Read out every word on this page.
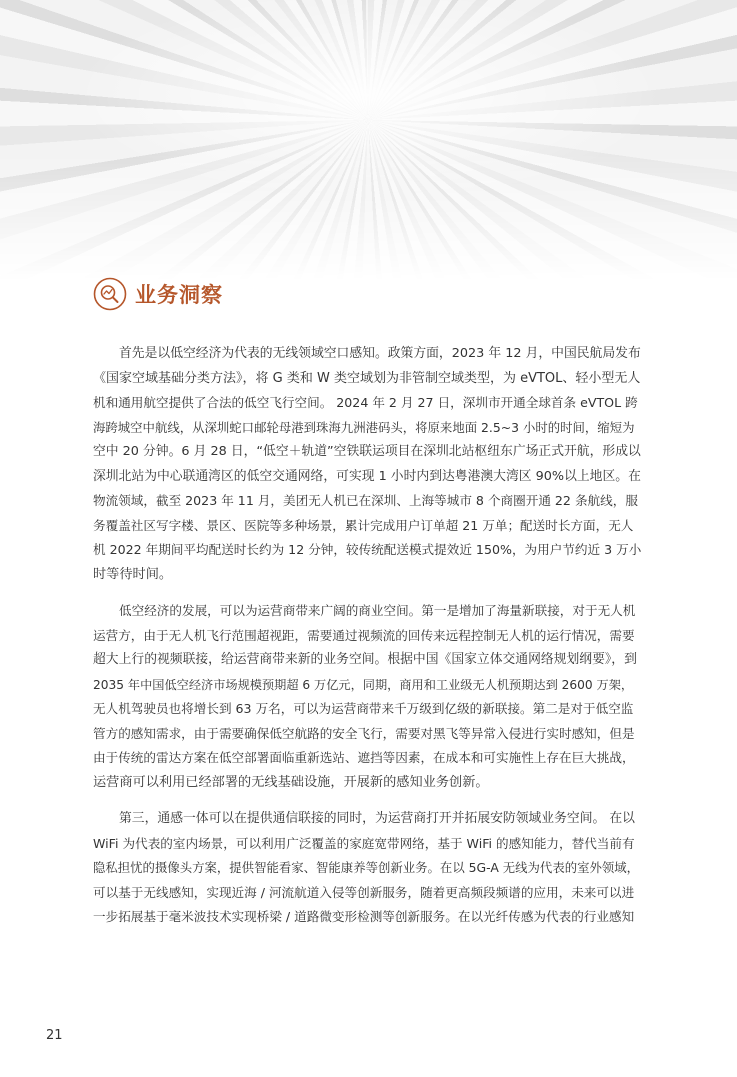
业务洞察

首先是以低空经济为代表的无线领域空口感知。政策方面，2023 年 12 月，中国民航局发布
《国家空域基础分类方法》，将 G 类和 W 类空域划为非管制空域类型，为 eVTOL、轻小型无人
机和通用航空提供了合法的低空飞行空间。 2024 年 2 月 27 日，深圳市开通全球首条 eVTOL 跨
海跨城空中航线，从深圳蛇口邮轮母港到珠海九洲港码头，将原来地面 2.5~3 小时的时间，缩短为
空中 20 分钟。6 月 28 日，“低空＋轨道”空铁联运项目在深圳北站枢纽东广场正式开航，形成以
深圳北站为中心联通湾区的低空交通网络，可实现 1 小时内到达粤港澳大湾区 90%以上地区。在
物流领域，截至 2023 年 11 月，美团无人机已在深圳、上海等城市 8 个商圈开通 22 条航线，服
务覆盖社区写字楼、景区、医院等多种场景，累计完成用户订单超 21 万单；配送时长方面，无人
机 2022 年期间平均配送时长约为 12 分钟，较传统配送模式提效近 150%，为用户节约近 3 万小
时等待时间。

低空经济的发展，可以为运营商带来广阔的商业空间。第一是增加了海量新联接，对于无人机
运营方，由于无人机飞行范围超视距，需要通过视频流的回传来远程控制无人机的运行情况，需要
超大上行的视频联接，给运营商带来新的业务空间。根据中国《国家立体交通网络规划纲要》，到
2035 年中国低空经济市场规模预期超 6 万亿元，同期，商用和工业级无人机预期达到 2600 万架，
无人机驾驶员也将增长到 63 万名，可以为运营商带来千万级到亿级的新联接。第二是对于低空监
管方的感知需求，由于需要确保低空航路的安全飞行，需要对黑飞等异常入侵进行实时感知，但是
由于传统的雷达方案在低空部署面临重新选站、遮挡等因素，在成本和可实施性上存在巨大挑战，
运营商可以利用已经部署的无线基础设施，开展新的感知业务创新。

第三，通感一体可以在提供通信联接的同时，为运营商打开并拓展安防领域业务空间。 在以
WiFi 为代表的室内场景，可以利用广泛覆盖的家庭宽带网络，基于 WiFi 的感知能力，替代当前有
隐私担忧的摄像头方案，提供智能看家、智能康养等创新业务。在以 5G-A 无线为代表的室外领域，
可以基于无线感知，实现近海 / 河流航道入侵等创新服务，随着更高频段频谱的应用，未来可以进
一步拓展基于毫米波技术实现桥梁 / 道路微变形检测等创新服务。在以光纤传感为代表的行业感知

21
